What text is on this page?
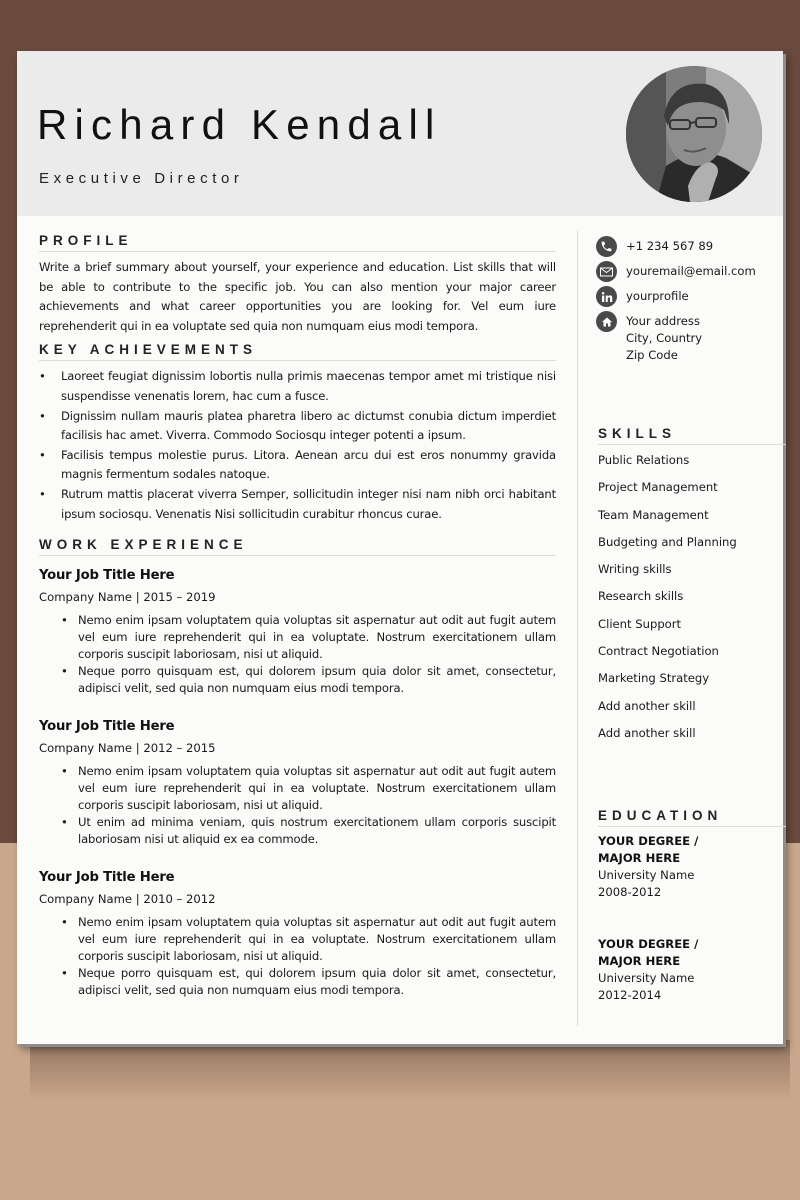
Richard Kendall
Executive Director
PROFILE

Write a brief summary about yourself, your experience and education. List skills that will be able to contribute to the specific job. You can also mention your major career achievements and what career opportunities you are looking for. Vel eum iure reprehenderit qui in ea voluptate sed quia non numquam eius modi tempora.

KEY ACHIEVEMENTS
• Laoreet feugiat dignissim lobortis nulla primis maecenas tempor amet mi tristique nisi suspendisse venenatis lorem, hac cum a fusce.
• Dignissim nullam mauris platea pharetra libero ac dictumst conubia dictum imperdiet facilisis hac amet. Viverra. Commodo Sociosqu integer potenti a ipsum.
• Facilisis tempus molestie purus. Litora. Aenean arcu dui est eros nonummy gravida magnis fermentum sodales natoque.
• Rutrum mattis placerat viverra Semper, sollicitudin integer nisi nam nibh orci habitant ipsum sociosqu. Venenatis Nisi sollicitudin curabitur rhoncus curae.
WORK EXPERIENCE
Your Job Title Here
Company Name | 2015 – 2019
• Nemo enim ipsam voluptatem quia voluptas sit aspernatur aut odit aut fugit autem vel eum iure reprehenderit qui in ea voluptate. Nostrum exercitationem ullam corporis suscipit laboriosam, nisi ut aliquid.
• Neque porro quisquam est, qui dolorem ipsum quia dolor sit amet, consectetur, adipisci velit, sed quia non numquam eius modi tempora.
Your Job Title Here
Company Name | 2012 – 2015
• Nemo enim ipsam voluptatem quia voluptas sit aspernatur aut odit aut fugit autem vel eum iure reprehenderit qui in ea voluptate. Nostrum exercitationem ullam corporis suscipit laboriosam, nisi ut aliquid.
• Ut enim ad minima veniam, quis nostrum exercitationem ullam corporis suscipit laboriosam nisi ut aliquid ex ea commode.
Your Job Title Here
Company Name | 2010 – 2012
• Nemo enim ipsam voluptatem quia voluptas sit aspernatur aut odit aut fugit autem vel eum iure reprehenderit qui in ea voluptate. Nostrum exercitationem ullam corporis suscipit laboriosam, nisi ut aliquid.
• Neque porro quisquam est, qui dolorem ipsum quia dolor sit amet, consectetur, adipisci velit, sed quia non numquam eius modi tempora.
+1 234 567 89
youremail@email.com
yourprofile
Your address
City, Country
Zip Code
SKILLS
Public Relations
Project Management
Team Management
Budgeting and Planning
Writing skills
Research skills
Client Support
Contract Negotiation
Marketing Strategy
Add another skill
Add another skill
EDUCATION
YOUR DEGREE /
MAJOR HERE
University Name
2008-2012
YOUR DEGREE /
MAJOR HERE
University Name
2012-2014
